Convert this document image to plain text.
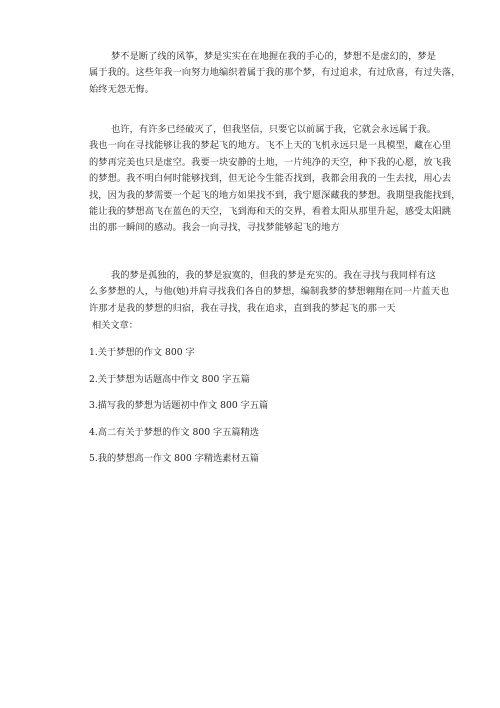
梦不是断了线的风筝，梦是实实在在地握在我的手心的，梦想不是虚幻的，梦是
属于我的。这些年我一向努力地编织着属于我的那个梦，有过追求，有过欣喜，有过失落，
始终无怨无悔。
也许，有许多已经破灭了，但我坚信，只要它以前属于我，它就会永远属于我。
我也一向在寻找能够让我的梦起飞的地方。飞不上天的飞机永远只是一具模型，藏在心里
的梦再完美也只是虚空。我要一块安静的土地，一片纯净的天空，种下我的心愿，放飞我
的梦想。我不明白何时能够找到，但无论今生能否找到，我都会用我的一生去找，用心去
找，因为我的梦需要一个起飞的地方如果找不到，我宁愿深藏我的梦想。我期望我能找到，
能让我的梦想高飞在蓝色的天空，飞到海和天的交界，看着太阳从那里升起，感受太阳跳
出的那一瞬间的感动。我会一向寻找，寻找梦能够起飞的地方
我的梦是孤独的，我的梦是寂寞的，但我的梦是充实的。我在寻找与我同样有这
么多梦想的人，与他(她)并肩寻找我们各自的梦想，编制我梦的梦想翱翔在同一片蓝天也
许那才是我的梦想的归宿，我在寻找，我在追求，直到我的梦起飞的那一天
相关文章：
1.关于梦想的作文 800 字
2.关于梦想为话题高中作文 800 字五篇
3.描写我的梦想为话题初中作文 800 字五篇
4.高二有关于梦想的作文 800 字五篇精选
5.我的梦想高一作文 800 字精选素材五篇
